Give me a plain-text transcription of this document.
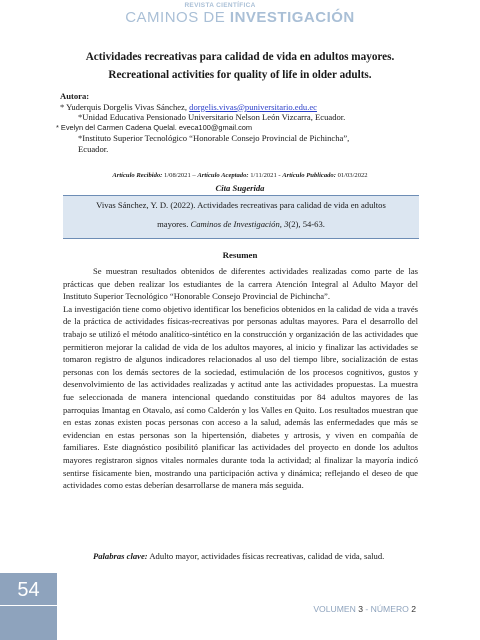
REVISTA CIENTÍFICA
CAMINOS DE INVESTIGACIÓN
Actividades recreativas para calidad de vida en adultos mayores.
Recreational activities for quality of life in older adults.
Autora:
* Yuderquis Dorgelis Vivas Sánchez, dorgelis.vivas@puniversitario.edu.ec
*Unidad Educativa Pensionado Universitario Nelson León Vizcarra, Ecuador.
* Evelyn del Carmen Cadena Quelal. eveca100@gmail.com
*Instituto Superior Tecnológico “Honorable Consejo Provincial de Pichincha”,
Ecuador.
Artículo Recibido: 1/08/2021 – Artículo Aceptado: 1/11/2021 - Artículo Publicado: 01/03/2022
Cita Sugerida
Vivas Sánchez, Y. D. (2022). Actividades recreativas para calidad de vida en adultos
mayores. Caminos de Investigación, 3(2), 54-63.
Resumen

Se muestran resultados obtenidos de diferentes actividades realizadas como parte de las prácticas que deben realizar los estudiantes de la carrera Atención Integral al Adulto Mayor del Instituto Superior Tecnológico “Honorable Consejo Provincial de Pichincha”.

La investigación tiene como objetivo identificar los beneficios obtenidos en la calidad de vida a través de la práctica de actividades físicas-recreativas por personas adultas mayores. Para el desarrollo del trabajo se utilizó el método analítico-sintético en la construcción y organización de las actividades que permitieron mejorar la calidad de vida de los adultos mayores, al inicio y finalizar las actividades se tomaron registro de algunos indicadores relacionados al uso del tiempo libre, socialización de estas personas con los demás sectores de la sociedad, estimulación de los procesos cognitivos, gustos y desenvolvimiento de las actividades realizadas y actitud ante las actividades propuestas. La muestra fue seleccionada de manera intencional quedando constituidas por 84 adultos mayores de las parroquias Imantag en Otavalo, así como Calderón y los Valles en Quito. Los resultados muestran que en estas zonas existen pocas personas con acceso a la salud, además las enfermedades que más se evidencian en estas personas son la hipertensión, diabetes y artrosis, y viven en compañía de familiares. Este diagnóstico posibilitó planificar las actividades del proyecto en donde los adultos mayores registraron signos vitales normales durante toda la actividad; al finalizar la mayoría indicó sentirse físicamente bien, mostrando una participación activa y dinámica; reflejando el deseo de que actividades como estas deberían desarrollarse de manera más seguida.

Palabras clave: Adulto mayor, actividades físicas recreativas, calidad de vida, salud.
54
VOLUMEN 3 - NÚMERO 2
